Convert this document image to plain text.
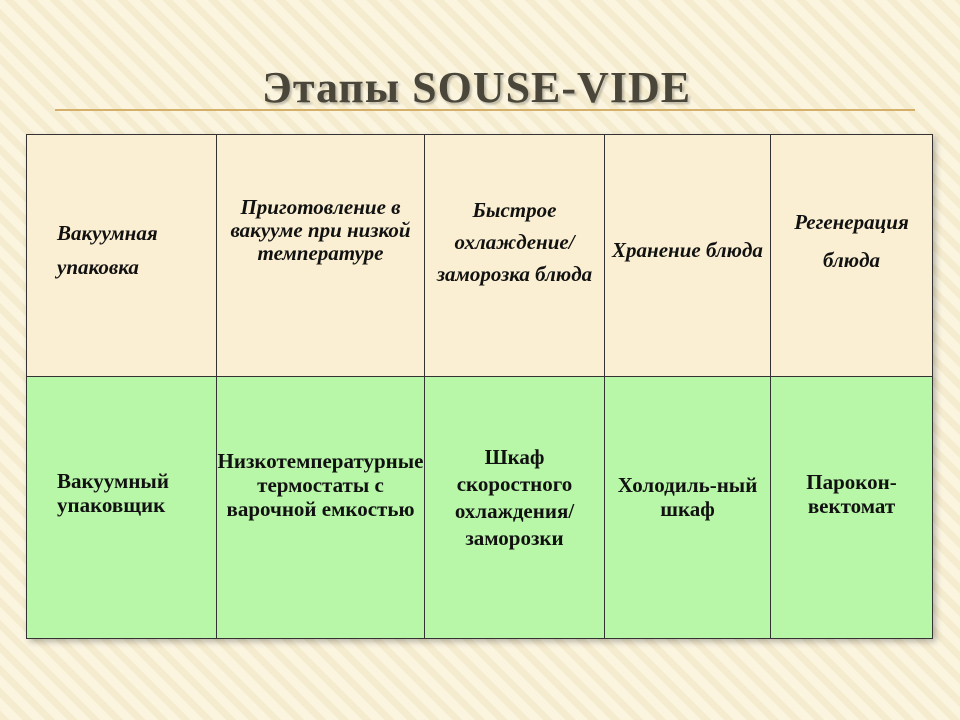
Этапы SOUSE-VIDE
Вакуумная упаковка
Приготовление в вакууме при низкой температуре
Быстрое охлаждение/ заморозка блюда
Хранение блюда
Регенерация блюда
Вакуумный упаковщик
Низкотемпературные термостаты с варочной емкостью
Шкаф скоростного охлаждения/ заморозки
Холодиль-ный шкаф
Парокон-вектомат
